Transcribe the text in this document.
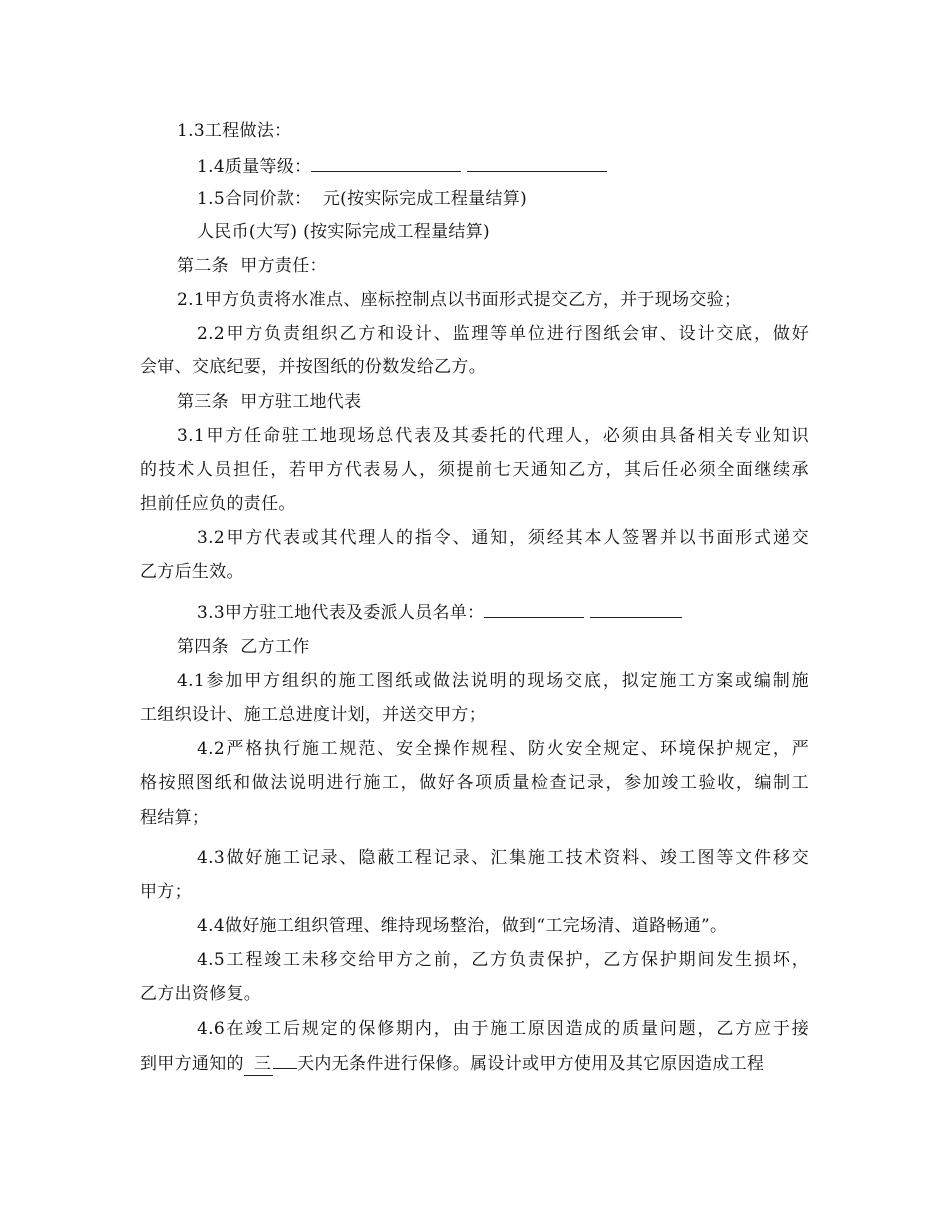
1.3工程做法：
1.4质量等级：
1.5合同价款：  元(按实际完成工程量结算)
人民币(大写) (按实际完成工程量结算)
第二条  甲方责任：
2.1甲方负责将水准点、座标控制点以书面形式提交乙方，并于现场交验；
2.2甲方负责组织乙方和设计、监理等单位进行图纸会审、设计交底，做好
会审、交底纪要，并按图纸的份数发给乙方。
第三条  甲方驻工地代表
3.1甲方任命驻工地现场总代表及其委托的代理人，必须由具备相关专业知识
的技术人员担任，若甲方代表易人，须提前七天通知乙方，其后任必须全面继续承
担前任应负的责任。
3.2甲方代表或其代理人的指令、通知，须经其本人签署并以书面形式递交
乙方后生效。
3.3甲方驻工地代表及委派人员名单：
第四条  乙方工作
4.1参加甲方组织的施工图纸或做法说明的现场交底，拟定施工方案或编制施
工组织设计、施工总进度计划，并送交甲方；
4.2严格执行施工规范、安全操作规程、防火安全规定、环境保护规定，严
格按照图纸和做法说明进行施工，做好各项质量检查记录，参加竣工验收，编制工
程结算；
4.3做好施工记录、隐蔽工程记录、汇集施工技术资料、竣工图等文件移交
甲方；
4.4做好施工组织管理、维持现场整治，做到“工完场清、道路畅通”。
4.5工程竣工未移交给甲方之前，乙方负责保护，乙方保护期间发生损坏，
乙方出资修复。
4.6在竣工后规定的保修期内，由于施工原因造成的质量问题，乙方应于接
到甲方通知的 三 天内无条件进行保修。属设计或甲方使用及其它原因造成工程
